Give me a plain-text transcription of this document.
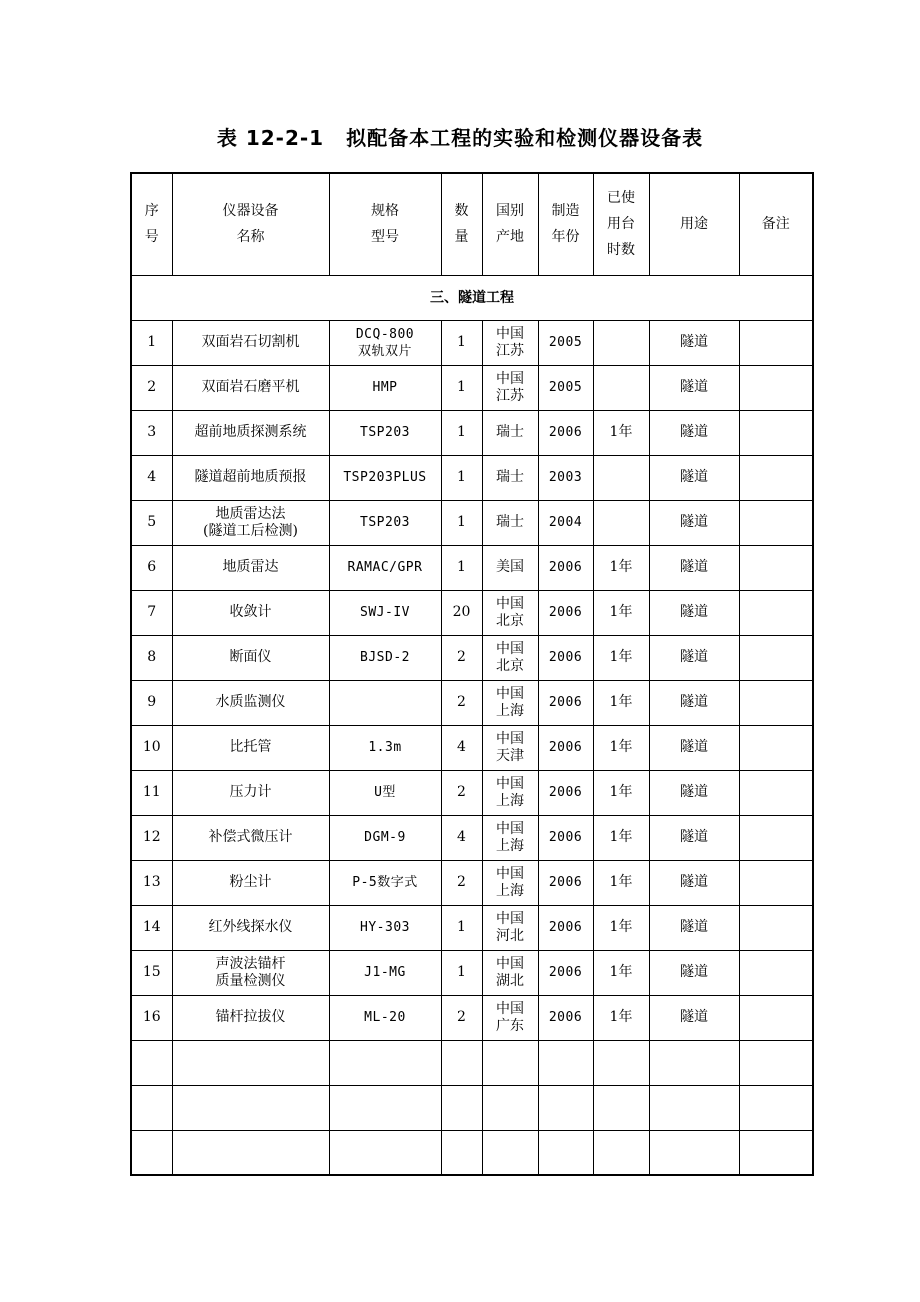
表 12-2-1 拟配备本工程的实验和检测仪器设备表
序
号	仪器设备
名称	规格
型号	数
量	国别
产地	制造
年份	已使
用台
时数	用途	备注

三、隧道工程								

1	双面岩石切割机	DCQ-800
双轨双片	1	中国
江苏	2005		隧道	

2	双面岩石磨平机	HMP	1	中国
江苏	2005		隧道	

3	超前地质探测系统	TSP203	1	瑞士	2006	1年	隧道	

4	隧道超前地质预报	TSP203PLUS	1	瑞士	2003		隧道	

5	地质雷达法
(隧道工后检测)	TSP203	1	瑞士	2004		隧道	

6	地质雷达	RAMAC/GPR	1	美国	2006	1年	隧道	

7	收敛计	SWJ-IV	20	中国
北京	2006	1年	隧道	

8	断面仪	BJSD-2	2	中国
北京	2006	1年	隧道	

9	水质监测仪		2	中国
上海	2006	1年	隧道	

10	比托管	1.3m	4	中国
天津	2006	1年	隧道	

11	压力计	U型	2	中国
上海	2006	1年	隧道	

12	补偿式微压计	DGM-9	4	中国
上海	2006	1年	隧道	

13	粉尘计	P-5数字式	2	中国
上海	2006	1年	隧道	

14	红外线探水仪	HY-303	1	中国
河北	2006	1年	隧道	

15	声波法锚杆
质量检测仪	J1-MG	1	中国
湖北	2006	1年	隧道	

16	锚杆拉拔仪	ML-20	2	中国
广东	2006	1年	隧道	
